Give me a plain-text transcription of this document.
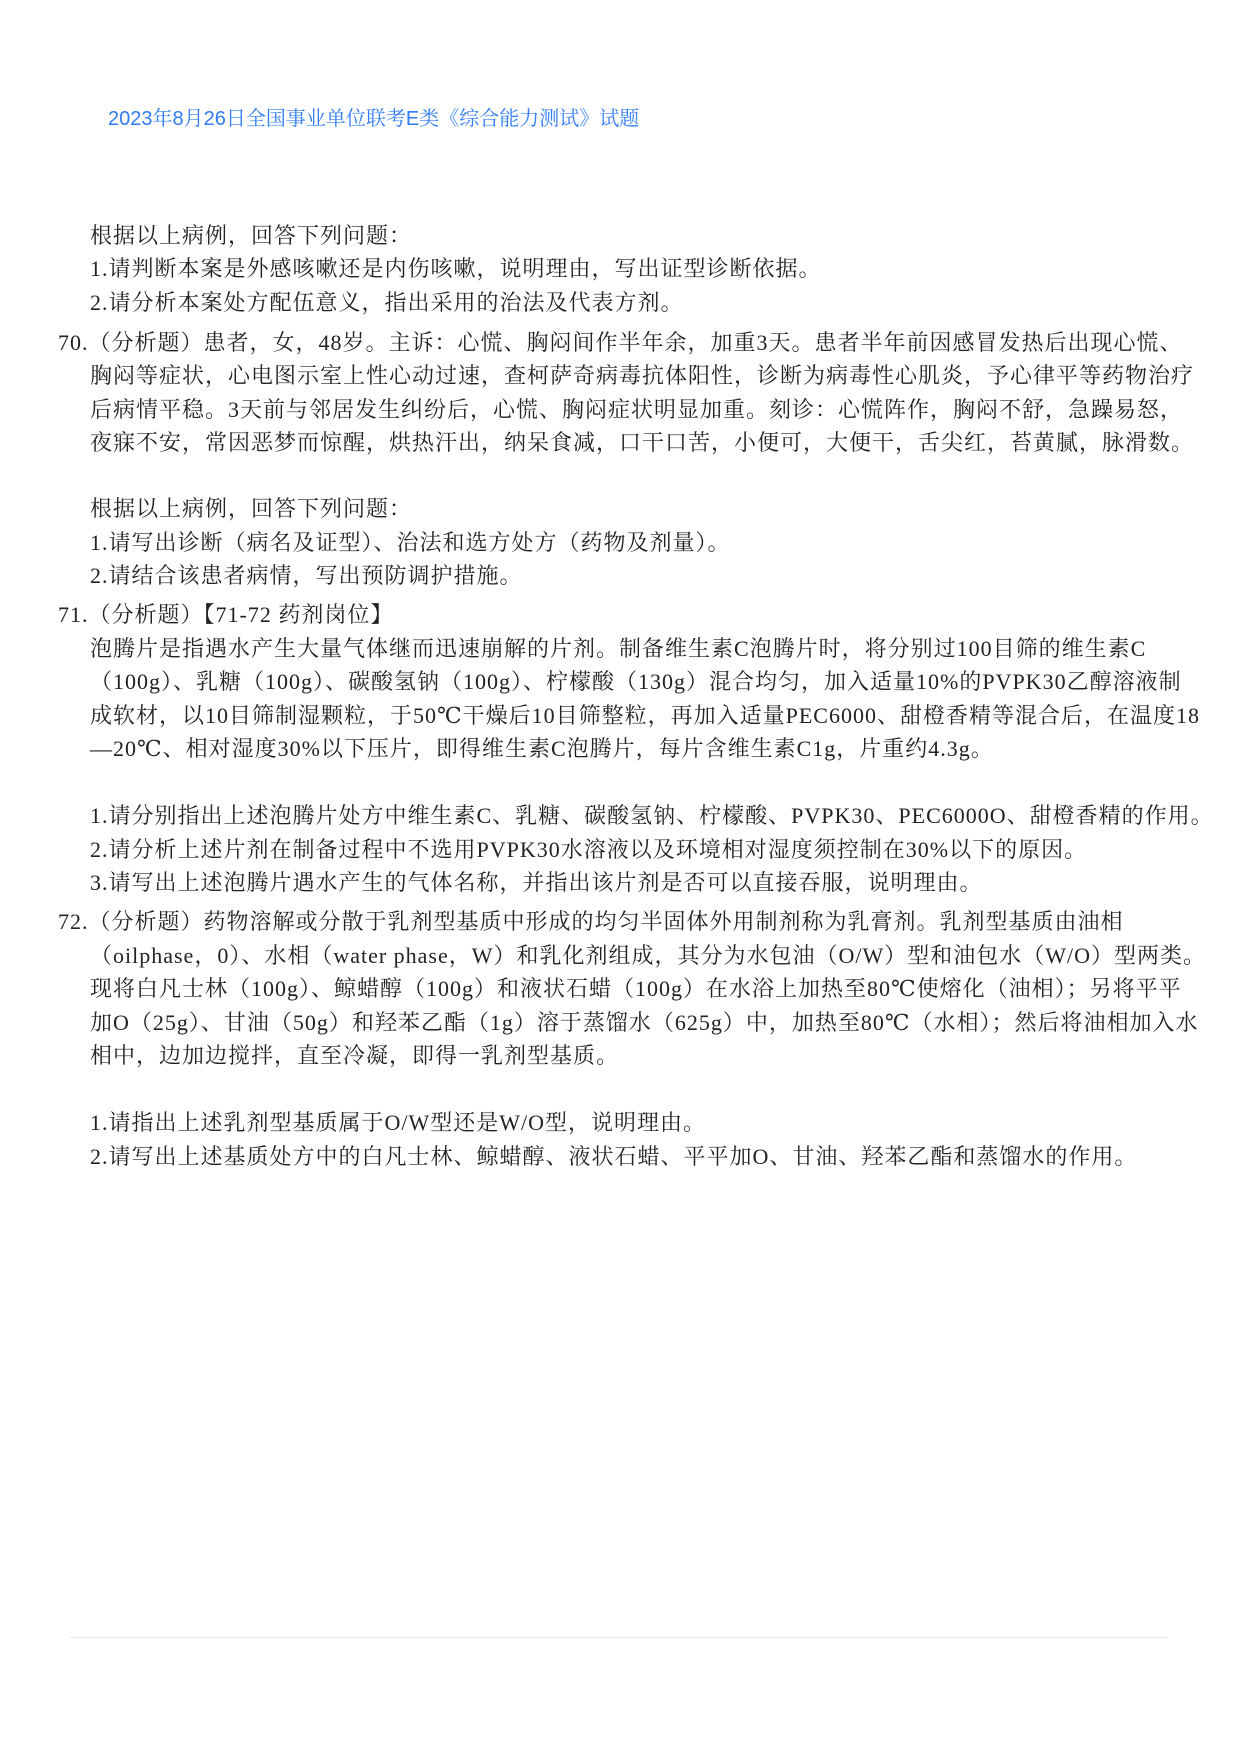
2023年8月26日全国事业单位联考E类《综合能力测试》试题
根据以上病例，回答下列问题：
1.请判断本案是外感咳嗽还是内伤咳嗽，说明理由，写出证型诊断依据。
2.请分析本案处方配伍意义，指出采用的治法及代表方剂。
70.（分析题）患者，女，48岁。主诉：心慌、胸闷间作半年余，加重3天。患者半年前因感冒发热后出现心慌、
胸闷等症状，心电图示室上性心动过速，查柯萨奇病毒抗体阳性，诊断为病毒性心肌炎，予心律平等药物治疗
后病情平稳。3天前与邻居发生纠纷后，心慌、胸闷症状明显加重。刻诊：心慌阵作，胸闷不舒，急躁易怒，
夜寐不安，常因恶梦而惊醒，烘热汗出，纳呆食减，口干口苦，小便可，大便干，舌尖红，苔黄腻，脉滑数。
根据以上病例，回答下列问题：
1.请写出诊断（病名及证型）、治法和选方处方（药物及剂量）。
2.请结合该患者病情，写出预防调护措施。
71.（分析题）【71-72 药剂岗位】
泡腾片是指遇水产生大量气体继而迅速崩解的片剂。制备维生素C泡腾片时，将分别过100目筛的维生素C
（100g）、乳糖（100g）、碳酸氢钠（100g）、柠檬酸（130g）混合均匀，加入适量10%的PVPK30乙醇溶液制
成软材，以10目筛制湿颗粒，于50℃干燥后10目筛整粒，再加入适量PEC6000、甜橙香精等混合后，在温度18
—20℃、相对湿度30%以下压片，即得维生素C泡腾片，每片含维生素C1g，片重约4.3g。
1.请分别指出上述泡腾片处方中维生素C、乳糖、碳酸氢钠、柠檬酸、PVPK30、PEC6000O、甜橙香精的作用。
2.请分析上述片剂在制备过程中不选用PVPK30水溶液以及环境相对湿度须控制在30%以下的原因。
3.请写出上述泡腾片遇水产生的气体名称，并指出该片剂是否可以直接吞服，说明理由。
72.（分析题）药物溶解或分散于乳剂型基质中形成的均匀半固体外用制剂称为乳膏剂。乳剂型基质由油相
（oilphase，0）、水相（water phase，W）和乳化剂组成，其分为水包油（O/W）型和油包水（W/O）型两类。
现将白凡士林（100g）、鲸蜡醇（100g）和液状石蜡（100g）在水浴上加热至80℃使熔化（油相）；另将平平
加O（25g）、甘油（50g）和羟苯乙酯（1g）溶于蒸馏水（625g）中，加热至80℃（水相）；然后将油相加入水
相中，边加边搅拌，直至冷凝，即得一乳剂型基质。
1.请指出上述乳剂型基质属于O/W型还是W/O型，说明理由。
2.请写出上述基质处方中的白凡士林、鲸蜡醇、液状石蜡、平平加O、甘油、羟苯乙酯和蒸馏水的作用。
